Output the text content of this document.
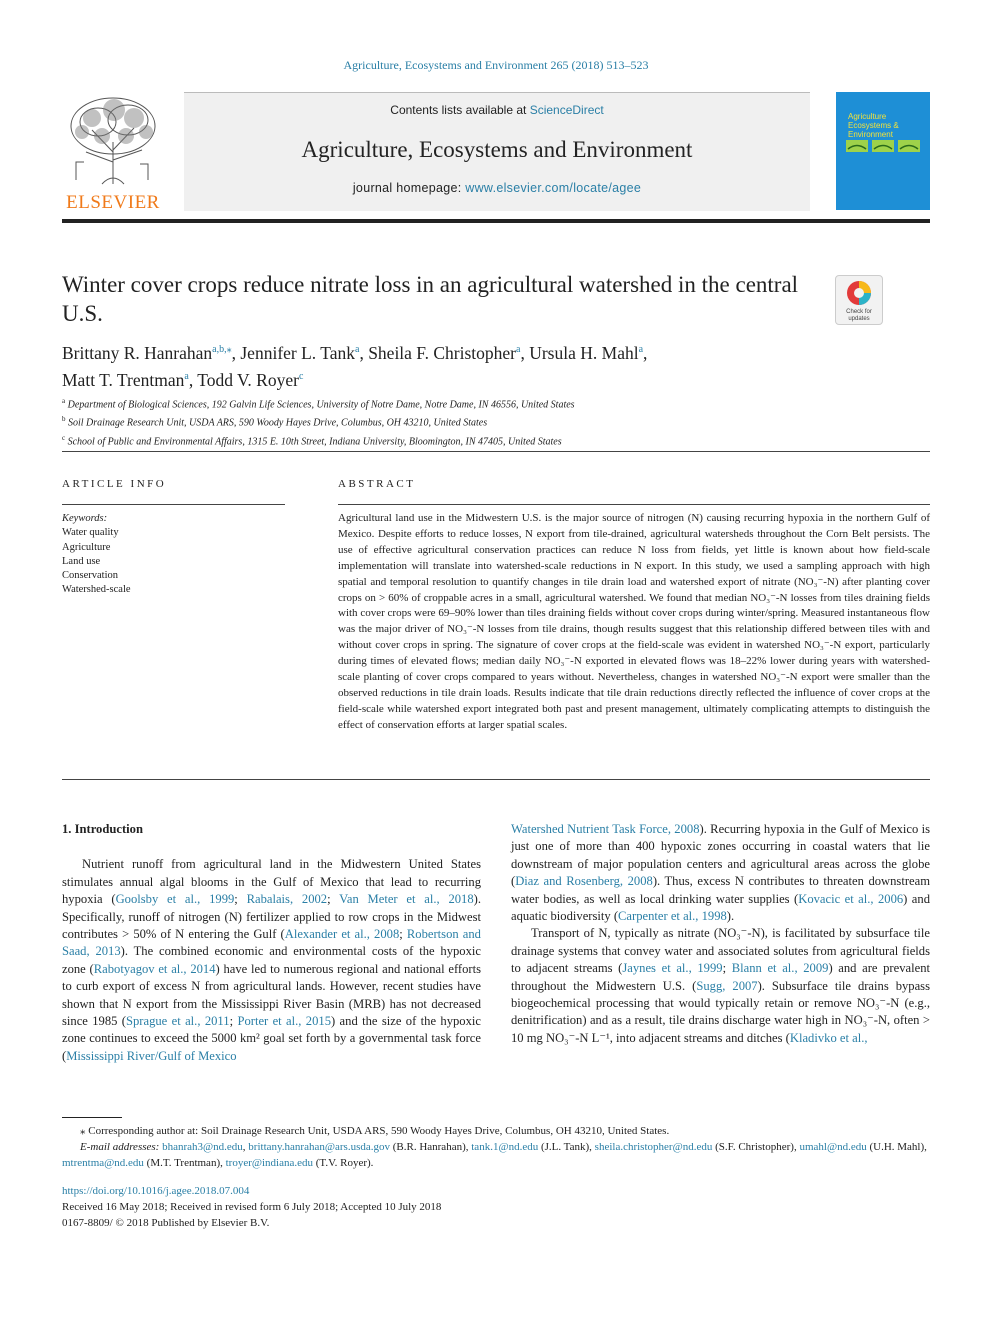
Agriculture, Ecosystems and Environment 265 (2018) 513–523
ELSEVIER
Contents lists available at ScienceDirect
Agriculture, Ecosystems and Environment
journal homepage: www.elsevier.com/locate/agee
Agriculture Ecosystems & Environment
Winter cover crops reduce nitrate loss in an agricultural watershed in the central U.S.	Check for
updates
Brittany R. Hanrahan$^{a,b,⁎}$, Jennifer L. Tank$^a$, Sheila F. Christopher$^a$, Ursula H. Mahl$^a$,
Matt T. Trentman$^a$, Todd V. Royer$^c$
$^a$ Department of Biological Sciences, 192 Galvin Life Sciences, University of Notre Dame, Notre Dame, IN 46556, United States
$^b$ Soil Drainage Research Unit, USDA ARS, 590 Woody Hayes Drive, Columbus, OH 43210, United States
$^c$ School of Public and Environmental Affairs, 1315 E. 10th Street, Indiana University, Bloomington, IN 47405, United States
ARTICLE INFO	ABSTRACT
Keywords:
Water quality
Agriculture
Land use
Conservation
Watershed-scale
Agricultural land use in the Midwestern U.S. is the major source of nitrogen (N) causing recurring hypoxia in the northern Gulf of Mexico. Despite efforts to reduce losses, N export from tile-drained, agricultural watersheds throughout the Corn Belt persists. The use of effective agricultural conservation practices can reduce N loss from fields, yet little is known about how field-scale implementation will translate into watershed-scale reductions in N export. In this study, we used a sampling approach with high spatial and temporal resolution to quantify changes in tile drain load and watershed export of nitrate (NO₃⁻-N) after planting cover crops on > 60% of croppable acres in a small, agricultural watershed. We found that median NO₃⁻-N losses from tiles draining fields with cover crops were 69–90% lower than tiles draining fields without cover crops during winter/spring. Measured instantaneous flow was the major driver of NO₃⁻-N losses from tile drains, though results suggest that this relationship differed between tiles with and without cover crops in spring. The signature of cover crops at the field-scale was evident in watershed NO₃⁻-N export, particularly during times of elevated flows; median daily NO₃⁻-N exported in elevated flows was 18–22% lower during years with watershed-scale planting of cover crops compared to years without. Nevertheless, changes in watershed NO₃⁻-N export were smaller than the observed reductions in tile drain loads. Results indicate that tile drain reductions directly reflected the influence of cover crops at the field-scale while watershed export integrated both past and present management, ultimately complicating attempts to distinguish the effect of conservation efforts at larger spatial scales.
1. Introduction

Nutrient runoff from agricultural land in the Midwestern United States stimulates annual algal blooms in the Gulf of Mexico that lead to recurring hypoxia (Goolsby et al., 1999; Rabalais, 2002; Van Meter et al., 2018). Specifically, runoff of nitrogen (N) fertilizer applied to row crops in the Midwest contributes > 50% of N entering the Gulf (Alexander et al., 2008; Robertson and Saad, 2013). The combined economic and environmental costs of the hypoxic zone (Rabotyagov et al., 2014) have led to numerous regional and national efforts to curb export of excess N from agricultural lands. However, recent studies have shown that N export from the Mississippi River Basin (MRB) has not decreased since 1985 (Sprague et al., 2011; Porter et al., 2015) and the size of the hypoxic zone continues to exceed the 5000 km² goal set forth by a governmental task force (Mississippi River/Gulf of Mexico

Watershed Nutrient Task Force, 2008). Recurring hypoxia in the Gulf of Mexico is just one of more than 400 hypoxic zones occurring in coastal waters that lie downstream of major population centers and agricultural areas across the globe (Diaz and Rosenberg, 2008). Thus, excess N contributes to threaten downstream water bodies, as well as local drinking water supplies (Kovacic et al., 2006) and aquatic biodiversity (Carpenter et al., 1998).

Transport of N, typically as nitrate (NO₃⁻-N), is facilitated by subsurface tile drainage systems that convey water and associated solutes from agricultural fields to adjacent streams (Jaynes et al., 1999; Blann et al., 2009) and are prevalent throughout the Midwestern U.S. (Sugg, 2007). Subsurface tile drains bypass biogeochemical processing that would typically retain or remove NO₃⁻-N (e.g., denitrification) and as a result, tile drains discharge water high in NO₃⁻-N, often > 10 mg NO₃⁻-N L⁻¹, into adjacent streams and ditches (Kladivko et al.,

⁎ Corresponding author at: Soil Drainage Research Unit, USDA ARS, 590 Woody Hayes Drive, Columbus, OH 43210, United States.
E-mail addresses: bhanrah3@nd.edu, brittany.hanrahan@ars.usda.gov (B.R. Hanrahan), tank.1@nd.edu (J.L. Tank), sheila.christopher@nd.edu (S.F. Christopher), umahl@nd.edu (U.H. Mahl), mtrentma@nd.edu (M.T. Trentman), troyer@indiana.edu (T.V. Royer).
https://doi.org/10.1016/j.agee.2018.07.004
Received 16 May 2018; Received in revised form 6 July 2018; Accepted 10 July 2018
0167-8809/ © 2018 Published by Elsevier B.V.
